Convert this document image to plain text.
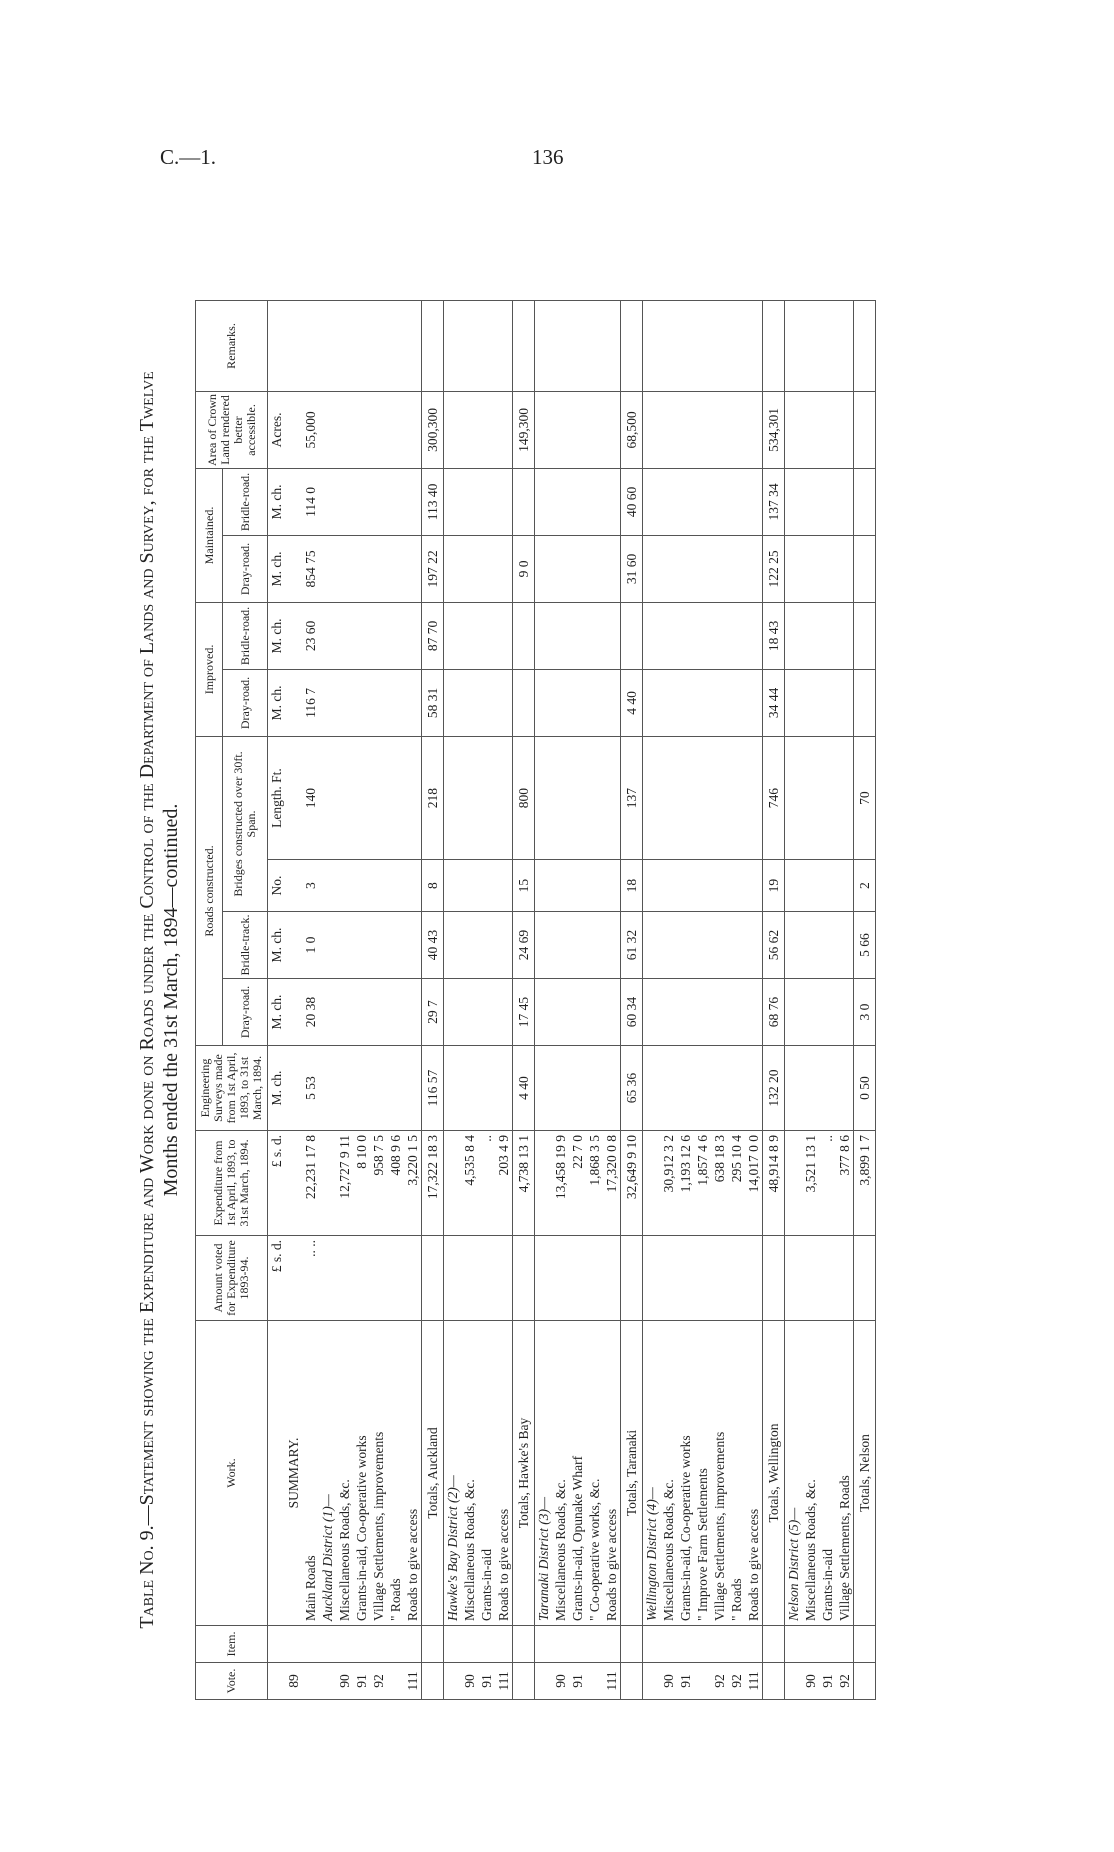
C.—1.	136
Table No. 9.—Statement showing the Expenditure and Work done on Roads under the Control of the Department of Lands and Survey, for the Twelve Months ended the 31st March, 1894—continued.
Vote.	Item.	Work.	Amount voted for Expenditure 1893-94.	Expenditure from 1st April, 1893, to 31st March, 1894.	Engineering Surveys made from 1st April, 1893, to 31st March, 1894.	Roads constructed.				Improved.		Maintained.		Area of Crown Land rendered better accessible.	Remarks.
						Dray-road.	Bridle-track.	Bridges constructed over 30ft. Span.		Dray-road.	Bridle-road.	Dray-road.	Bridle-road.		
			£ s. d.	£ s. d.	M. ch.	M. ch.	M. ch.	No.	Length. Ft.	M. ch.	M. ch.	M. ch.	M. ch.	Acres.	
89		SUMMARY.													
		Main Roads	.. ..	22,231 17 8	5 53	20 38	1 0	3	140	116 7	23 60	854 75	114 0	55,000	
		Auckland District (1)—													
90		Miscellaneous Roads, &c.		12,727 9 11											
91		Grants-in-aid, Co-operative works		8 10 0											
92		Village Settlements, improvements		958 7 5											
		" Roads		408 9 6											
111		Roads to give access		3,220 1 5											
		Totals, Auckland		17,322 18 3	116 57	29 7	40 43	8	218	58 31	87 70	197 22	113 40	300,300	
		Hawke's Bay District (2)—													
90		Miscellaneous Roads, &c.		4,535 8 4											
91		Grants-in-aid		..											
111		Roads to give access		203 4 9											
		Totals, Hawke's Bay		4,738 13 1	4 40	17 45	24 69	15	800			9 0		149,300	
		Taranaki District (3)—													
90		Miscellaneous Roads, &c.		13,458 19 9											
91		Grants-in-aid, Opunake Wharf		22 7 0											
		" Co-operative works, &c.		1,868 3 5											
111		Roads to give access		17,320 0 8											
		Totals, Taranaki		32,649 9 10	65 36	60 34	61 32	18	137	4 40		31 60	40 60	68,500	
		Wellington District (4)—													
90		Miscellaneous Roads, &c.		30,912 3 2											
91		Grants-in-aid, Co-operative works		1,193 12 6											
		" Improve Farm Settlements		1,857 4 6											
92		Village Settlements, improvements		638 18 3											
92		" Roads		295 10 4											
111		Roads to give access		14,017 0 0											
		Totals, Wellington		48,914 8 9	132 20	68 76	56 62	19	746	34 44	18 43	122 25	137 34	534,301	
		Nelson District (5)—													
90		Miscellaneous Roads, &c.		3,521 13 1											
91		Grants-in-aid		..											
92		Village Settlements, Roads		377 8 6											
		Totals, Nelson		3,899 1 7	0 50	3 0	5 66	2	70						
